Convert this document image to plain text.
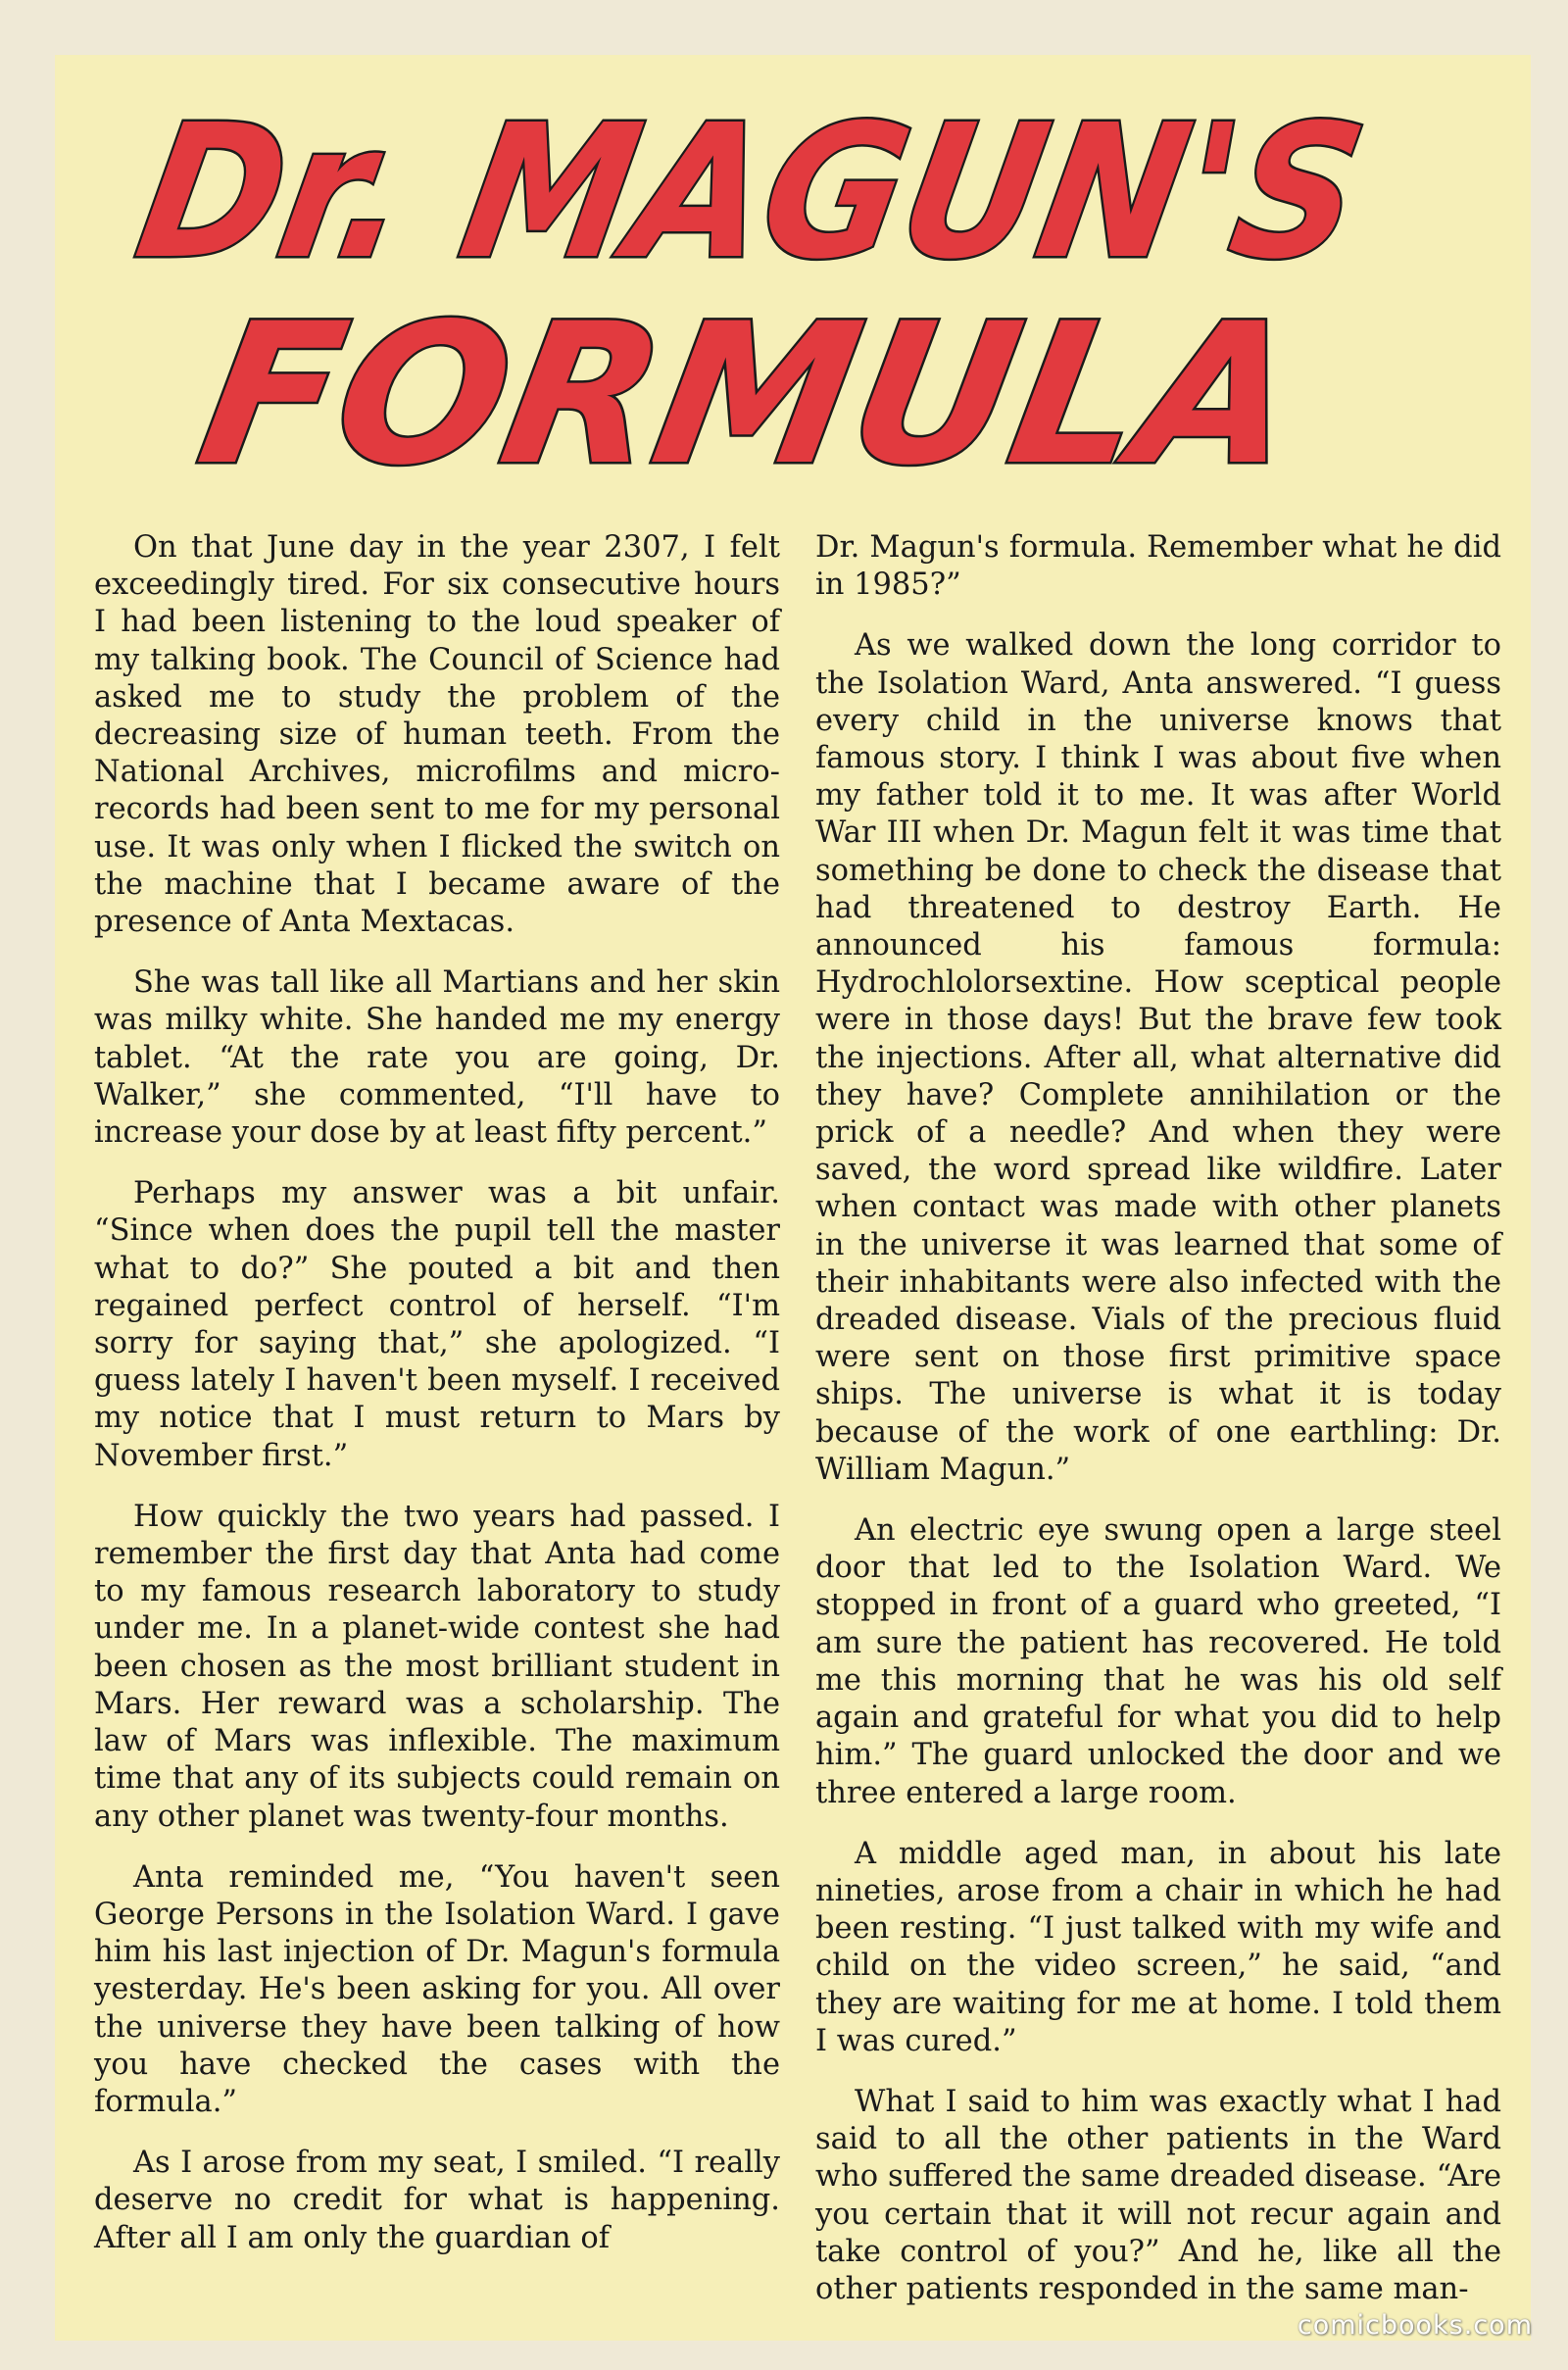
Dr. MAGUN'S
FORMULA

On that June day in the year 2307, I felt exceedingly tired. For six consecutive hours I had been listening to the loud speaker of my talking book. The Council of Science had asked me to study the problem of the decreasing size of human teeth. From the National Archives, microfilms and micro-records had been sent to me for my personal use. It was only when I flicked the switch on the machine that I became aware of the presence of Anta Mextacas.

She was tall like all Martians and her skin was milky white. She handed me my energy tablet. “At the rate you are going, Dr. Walker,” she commented, “I'll have to increase your dose by at least fifty percent.”

Perhaps my answer was a bit unfair. “Since when does the pupil tell the master what to do?” She pouted a bit and then regained perfect control of herself. “I'm sorry for saying that,” she apologized. “I guess lately I haven't been myself. I received my notice that I must return to Mars by November first.”

How quickly the two years had passed. I remember the first day that Anta had come to my famous research laboratory to study under me. In a planet-wide contest she had been chosen as the most brilliant student in Mars. Her reward was a scholarship. The law of Mars was inflexible. The maximum time that any of its subjects could remain on any other planet was twenty-four months.

Anta reminded me, “You haven't seen George Persons in the Isolation Ward. I gave him his last injection of Dr. Magun's formula yesterday. He's been asking for you. All over the universe they have been talking of how you have checked the cases with the formula.”

As I arose from my seat, I smiled. “I really deserve no credit for what is happening. After all I am only the guardian of

Dr. Magun's formula. Remember what he did in 1985?”

As we walked down the long corridor to the Isolation Ward, Anta answered. “I guess every child in the universe knows that famous story. I think I was about five when my father told it to me. It was after World War III when Dr. Magun felt it was time that something be done to check the disease that had threatened to destroy Earth. He announced his famous formula: Hydrochlolorsextine. How sceptical people were in those days! But the brave few took the injections. After all, what alternative did they have? Complete annihilation or the prick of a needle? And when they were saved, the word spread like wildfire. Later when contact was made with other planets in the universe it was learned that some of their inhabitants were also infected with the dreaded disease. Vials of the precious fluid were sent on those first primitive space ships. The universe is what it is today because of the work of one earthling: Dr. William Magun.”

An electric eye swung open a large steel door that led to the Isolation Ward. We stopped in front of a guard who greeted, “I am sure the patient has recovered. He told me this morning that he was his old self again and grateful for what you did to help him.” The guard unlocked the door and we three entered a large room.

A middle aged man, in about his late nineties, arose from a chair in which he had been resting. “I just talked with my wife and child on the video screen,” he said, “and they are waiting for me at home. I told them I was cured.”

What I said to him was exactly what I had said to all the other patients in the Ward who suffered the same dreaded disease. “Are you certain that it will not recur again and take control of you?” And he, like all the other patients responded in the same man-

comicbooks.com
